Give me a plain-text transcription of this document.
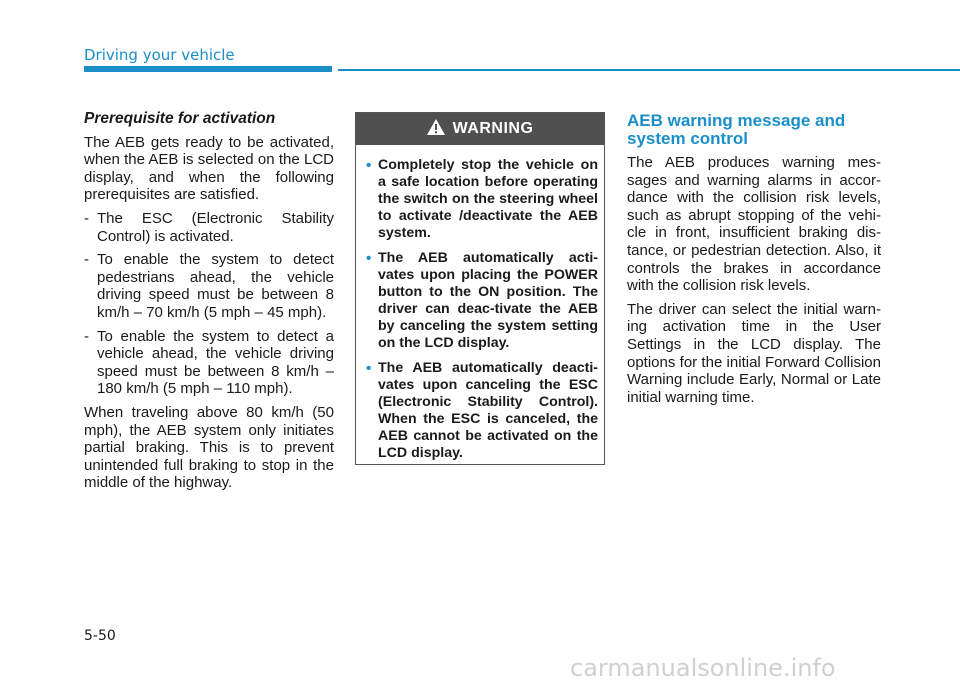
Driving your vehicle

Prerequisite for activation

The AEB gets ready to be activated, when the AEB is selected on the LCD display, and when the following prerequisites are satisfied.

- The ESC (Electronic Stability Control) is activated.
- To enable the system to detect pedestrians ahead, the vehicle driving speed must be between 8 km/h – 70 km/h (5 mph – 45 mph).
- To enable the system to detect a vehicle ahead, the vehicle driving speed must be between 8 km/h – 180 km/h (5 mph – 110 mph).

When traveling above 80 km/h (50 mph), the AEB system only initiates partial braking. This is to prevent unintended full braking to stop in the middle of the highway.

WARNING
• Completely stop the vehicle on a safe location before operating the switch on the steering wheel to activate /deactivate the AEB system.
• The AEB automatically acti-vates upon placing the POWER button to the ON position. The driver can deac-tivate the AEB by canceling the system setting on the LCD display.
• The AEB automatically deacti-vates upon canceling the ESC (Electronic Stability Control). When the ESC is canceled, the AEB cannot be activated on the LCD display.

AEB warning message and system control

The AEB produces warning mes-sages and warning alarms in accor-dance with the collision risk levels, such as abrupt stopping of the vehi-cle in front, insufficient braking dis-tance, or pedestrian detection. Also, it controls the brakes in accordance with the collision risk levels.

The driver can select the initial warn-ing activation time in the User Settings in the LCD display. The options for the initial Forward Collision Warning include Early, Normal or Late initial warning time.

5-50
carmanualsonline.info
